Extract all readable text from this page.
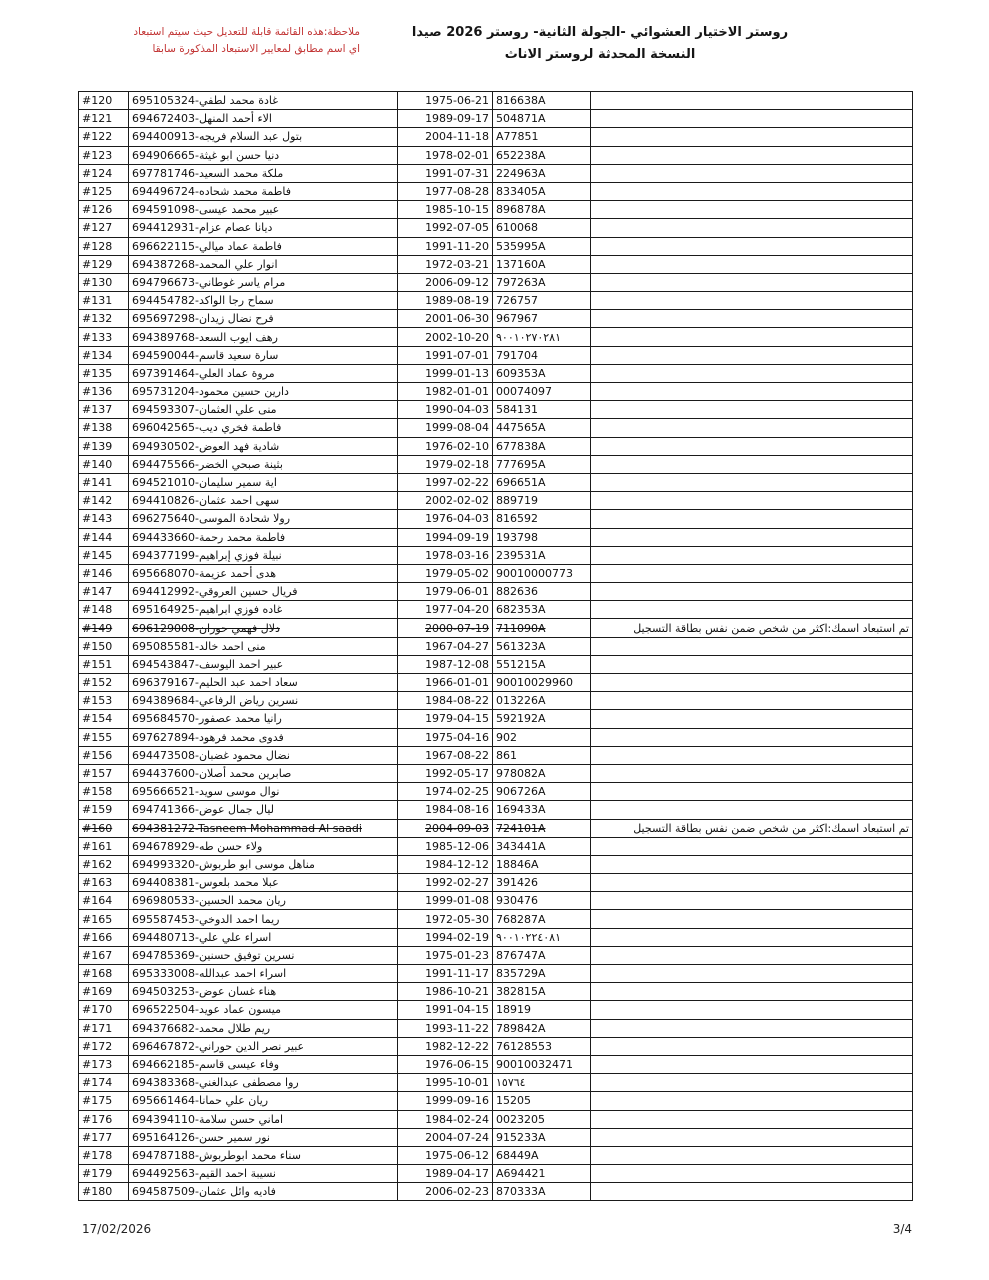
ملاحظة:هذه القائمة قابلة للتعديل حيث سيتم استبعاد
اي اسم مطابق لمعايير الاستبعاد المذكورة سابقا
روستر الاختيار العشوائي -الجولة الثانية- روستر 2026 صيدا
النسخة المحدثة لروستر الاناث
#120	غادة محمد لطفي-695105324	1975-06-21	816638A	
#121	الاء أحمد المنهل-694672403	1989-09-17	504871A	
#122	بتول عبد السلام فريجه-694400913	2004-11-18	A77851	
#123	دنيا حسن ابو غيثة-694906665	1978-02-01	652238A	
#124	ملكة محمد السعيد-697781746	1991-07-31	224963A	
#125	فاطمة محمد شحاده-694496724	1977-08-28	833405A	
#126	عبير محمد عيسى-694591098	1985-10-15	896878A	
#127	ديانا عصام عزام-694412931	1992-07-05	610068	
#128	فاطمة عماد ميالي-696622115	1991-11-20	535995A	
#129	انوار علي المحمد-694387268	1972-03-21	137160A	
#130	مرام ياسر غوطاني-694796673	2006-09-12	797263A	
#131	سماح رجا الواكد-694454782	1989-08-19	726757	
#132	فرح نضال زيدان-695697298	2001-06-30	967967	
#133	رهف ايوب السعد-694389768	2002-10-20	٩٠٠١٠٢٧٠٢٨١	
#134	سارة سعيد قاسم-694590044	1991-07-01	791704	
#135	مروة عماد العلي-697391464	1999-01-13	609353A	
#136	دارين حسين محمود-695731204	1982-01-01	00074097	
#137	منى علي العثمان-694593307	1990-04-03	584131	
#138	فاطمة فخري ديب-696042565	1999-08-04	447565A	
#139	شادية فهد العوض-694930502	1976-02-10	677838A	
#140	بثينة صبحي الخضر-694475566	1979-02-18	777695A	
#141	اية سمير سليمان-694521010	1997-02-22	696651A	
#142	سهى احمد عثمان-694410826	2002-02-02	889719	
#143	رولا شحادة الموسى-696275640	1976-04-03	816592	
#144	فاطمة محمد رحمة-694433660	1994-09-19	193798	
#145	نبيلة فوزي إبراهيم-694377199	1978-03-16	239531A	
#146	هدى أحمد عزيمة-695668070	1979-05-02	90010000773	
#147	فريال حسين العروقي-694412992	1979-06-01	882636	
#148	غاده فوزي ابراهيم-695164925	1977-04-20	682353A	
#149	دلال فهمي حوران-696129008	2000-07-19	711090A	تم استبعاد اسمك:اكثر من شخص ضمن نفس بطاقة التسجيل
#150	منى احمد خالد-695085581	1967-04-27	561323A	
#151	عبير احمد اليوسف-694543847	1987-12-08	551215A	
#152	سعاد احمد عبد الحليم-696379167	1966-01-01	90010029960	
#153	نسرين رياض الرفاعي-694389684	1984-08-22	013226A	
#154	رانيا محمد عصفور-695684570	1979-04-15	592192A	
#155	فدوى محمد فرهود-697627894	1975-04-16	902	
#156	نضال محمود غضبان-694473508	1967-08-22	861	
#157	صابرين محمد أصلان-694437600	1992-05-17	978082A	
#158	نوال موسى سويد-695666521	1974-02-25	906726A	
#159	ليال جمال عوض-694741366	1984-08-16	169433A	
#160	694381272-Tasneem Mohammad Al saadi	2004-09-03	724101A	تم استبعاد اسمك:اكثر من شخص ضمن نفس بطاقة التسجيل
#161	ولاء حسن طه-694678929	1985-12-06	343441A	
#162	مناهل موسى ابو طربوش-694993320	1984-12-12	18846A	
#163	عبلا محمد بلعوس-694408381	1992-02-27	391426	
#164	ريان محمد الحسين-696980533	1999-01-08	930476	
#165	ريما احمد الدوخي-695587453	1972-05-30	768287A	
#166	اسراء علي علي-694480713	1994-02-19	٩٠٠١٠٢٢٤٠٨١	
#167	نسرين توفيق حسنين-694785369	1975-01-23	876747A	
#168	اسراء احمد عبدالله-695333008	1991-11-17	835729A	
#169	هناء غسان عوض-694503253	1986-10-21	382815A	
#170	ميسون عماد عويد-696522504	1991-04-15	18919	
#171	ريم طلال محمد-694376682	1993-11-22	789842A	
#172	عبير نصر الدين حوراني-696467872	1982-12-22	76128553	
#173	وفاء عيسى قاسم-694662185	1976-06-15	90010032471	
#174	روا مصطفى عبدالغني-694383368	1995-10-01	١٥٧٦٤	
#175	ريان علي حمانا-695661464	1999-09-16	15205	
#176	اماني حسن سلامة-694394110	1984-02-24	0023205	
#177	نور سمير حسن-695164126	2004-07-24	915233A	
#178	سناء محمد ابوطربوش-694787188	1975-06-12	68449A	
#179	نسيبة احمد القيم-694492563	1989-04-17	A694421	
#180	فاديه وائل عثمان-694587509	2006-02-23	870333A	
17/02/2026	3/4
